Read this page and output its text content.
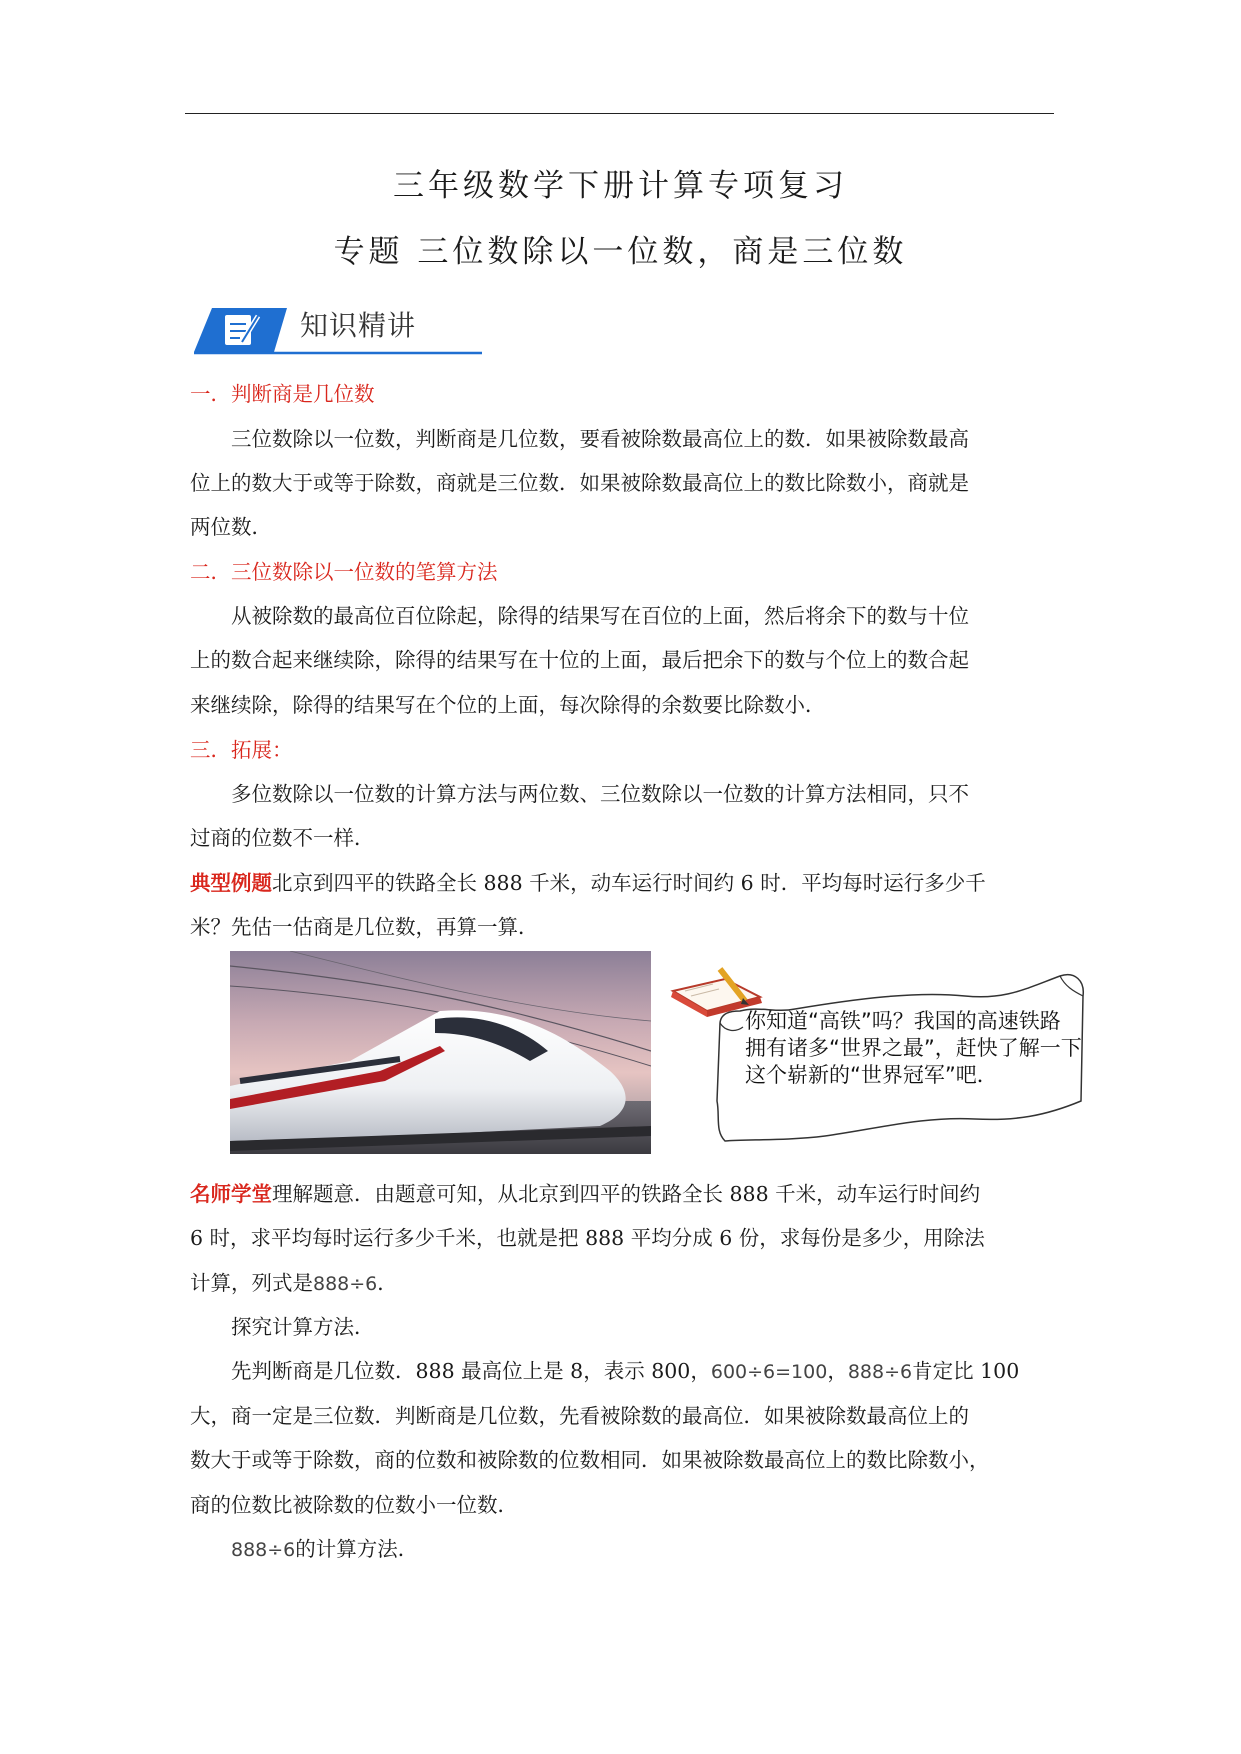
三年级数学下册计算专项复习
专题 三位数除以一位数，商是三位数
知识精讲
一．判断商是几位数
三位数除以一位数，判断商是几位数，要看被除数最高位上的数．如果被除数最高
位上的数大于或等于除数，商就是三位数．如果被除数最高位上的数比除数小，商就是
两位数．
二．三位数除以一位数的笔算方法
从被除数的最高位百位除起，除得的结果写在百位的上面，然后将余下的数与十位
上的数合起来继续除，除得的结果写在十位的上面，最后把余下的数与个位上的数合起
来继续除，除得的结果写在个位的上面，每次除得的余数要比除数小．
三．拓展：
多位数除以一位数的计算方法与两位数、三位数除以一位数的计算方法相同，只不
过商的位数不一样．
典型例题北京到四平的铁路全长 888 千米，动车运行时间约 6 时．平均每时运行多少千
米？先估一估商是几位数，再算一算．
你知道“高铁”吗？我国的高速铁路
拥有诸多“世界之最”，赶快了解一下
这个崭新的“世界冠军”吧．
名师学堂理解题意．由题意可知，从北京到四平的铁路全长 888 千米，动车运行时间约
6 时，求平均每时运行多少千米，也就是把 888 平均分成 6 份，求每份是多少，用除法
计算，列式是888÷6．
探究计算方法．
先判断商是几位数．888 最高位上是 8，表示 800，600÷6=100，888÷6肯定比 100
大，商一定是三位数．判断商是几位数，先看被除数的最高位．如果被除数最高位上的
数大于或等于除数，商的位数和被除数的位数相同．如果被除数最高位上的数比除数小，
商的位数比被除数的位数小一位数．
888÷6的计算方法．
